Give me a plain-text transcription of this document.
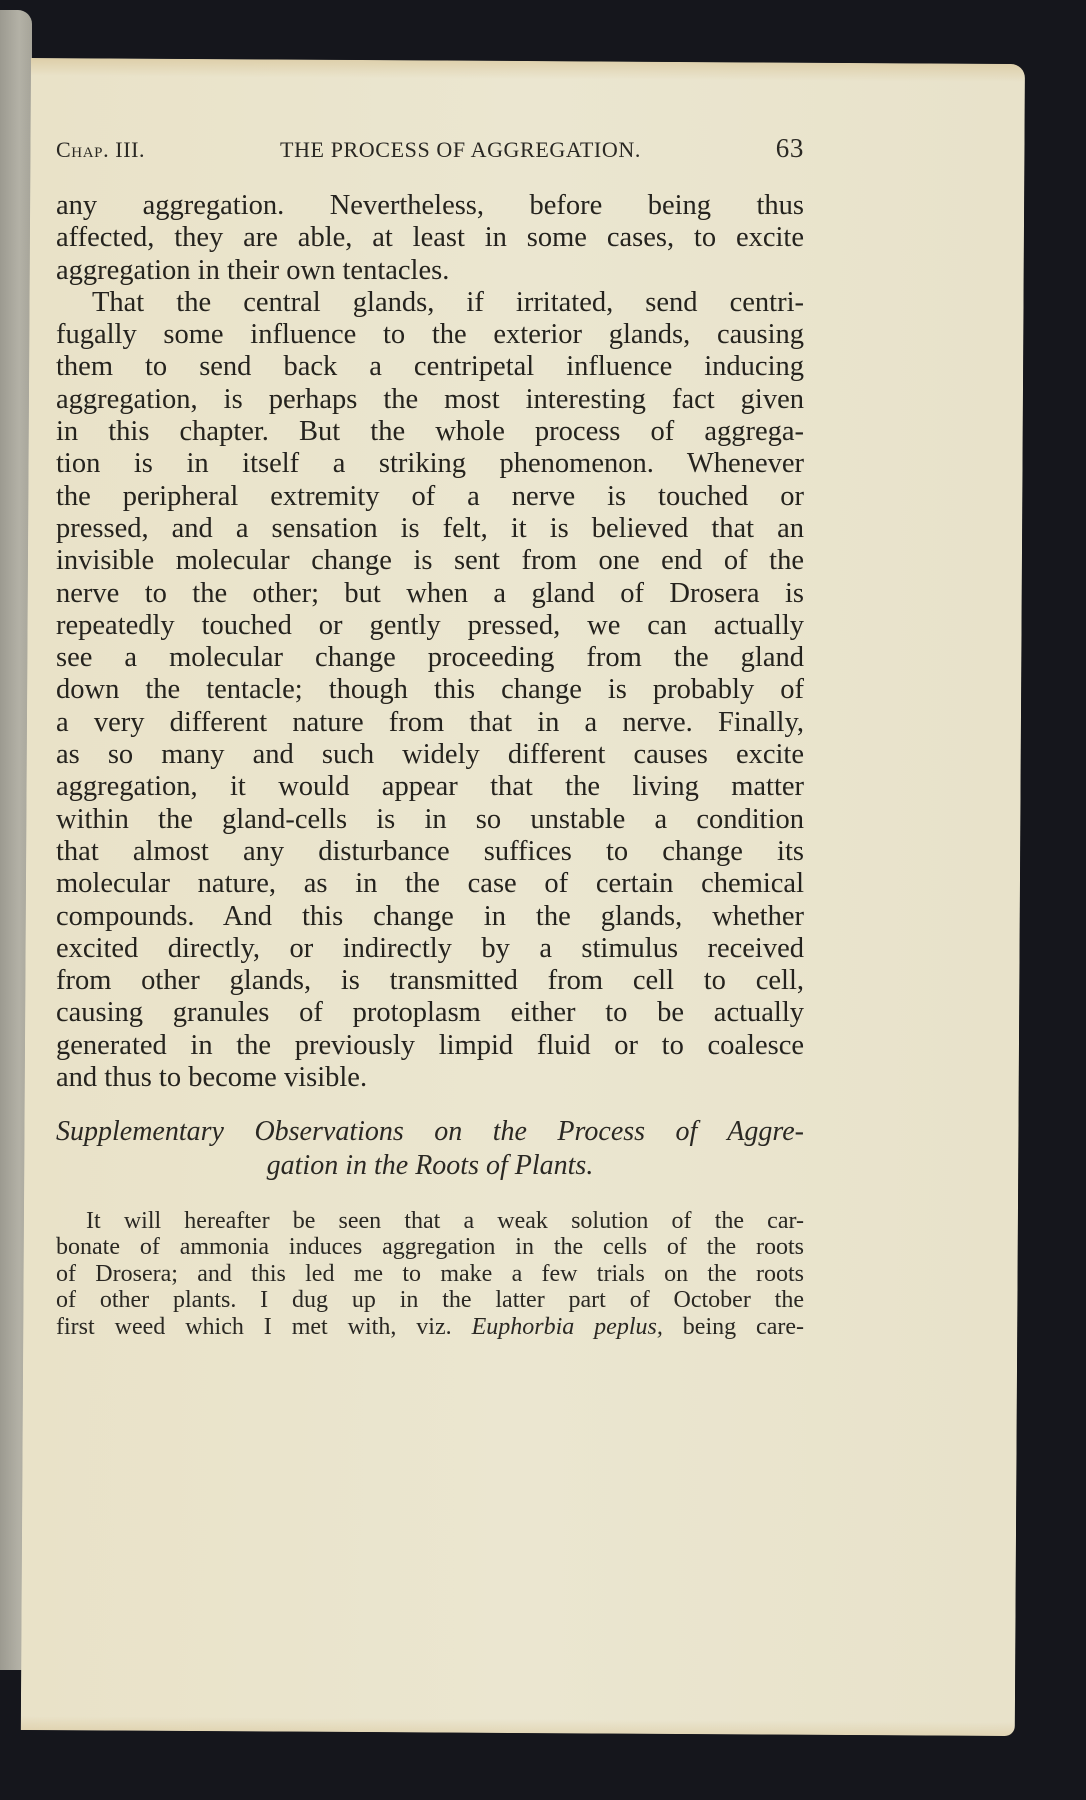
Chap. III.	THE PROCESS OF AGGREGATION.	63
any aggregation. Nevertheless, before being thus
affected, they are able, at least in some cases, to excite
aggregation in their own tentacles.
That the central glands, if irritated, send centri-
fugally some influence to the exterior glands, causing
them to send back a centripetal influence inducing
aggregation, is perhaps the most interesting fact given
in this chapter. But the whole process of aggrega-
tion is in itself a striking phenomenon. Whenever
the peripheral extremity of a nerve is touched or
pressed, and a sensation is felt, it is believed that an
invisible molecular change is sent from one end of the
nerve to the other; but when a gland of Drosera is
repeatedly touched or gently pressed, we can actually
see a molecular change proceeding from the gland
down the tentacle; though this change is probably of
a very different nature from that in a nerve. Finally,
as so many and such widely different causes excite
aggregation, it would appear that the living matter
within the gland-cells is in so unstable a condition
that almost any disturbance suffices to change its
molecular nature, as in the case of certain chemical
compounds. And this change in the glands, whether
excited directly, or indirectly by a stimulus received
from other glands, is transmitted from cell to cell,
causing granules of protoplasm either to be actually
generated in the previously limpid fluid or to coalesce
and thus to become visible.
Supplementary Observations on the Process of Aggre-
gation in the Roots of Plants.
It will hereafter be seen that a weak solution of the car-
bonate of ammonia induces aggregation in the cells of the roots
of Drosera; and this led me to make a few trials on the roots
of other plants. I dug up in the latter part of October the
first weed which I met with, viz. Euphorbia peplus, being care-
